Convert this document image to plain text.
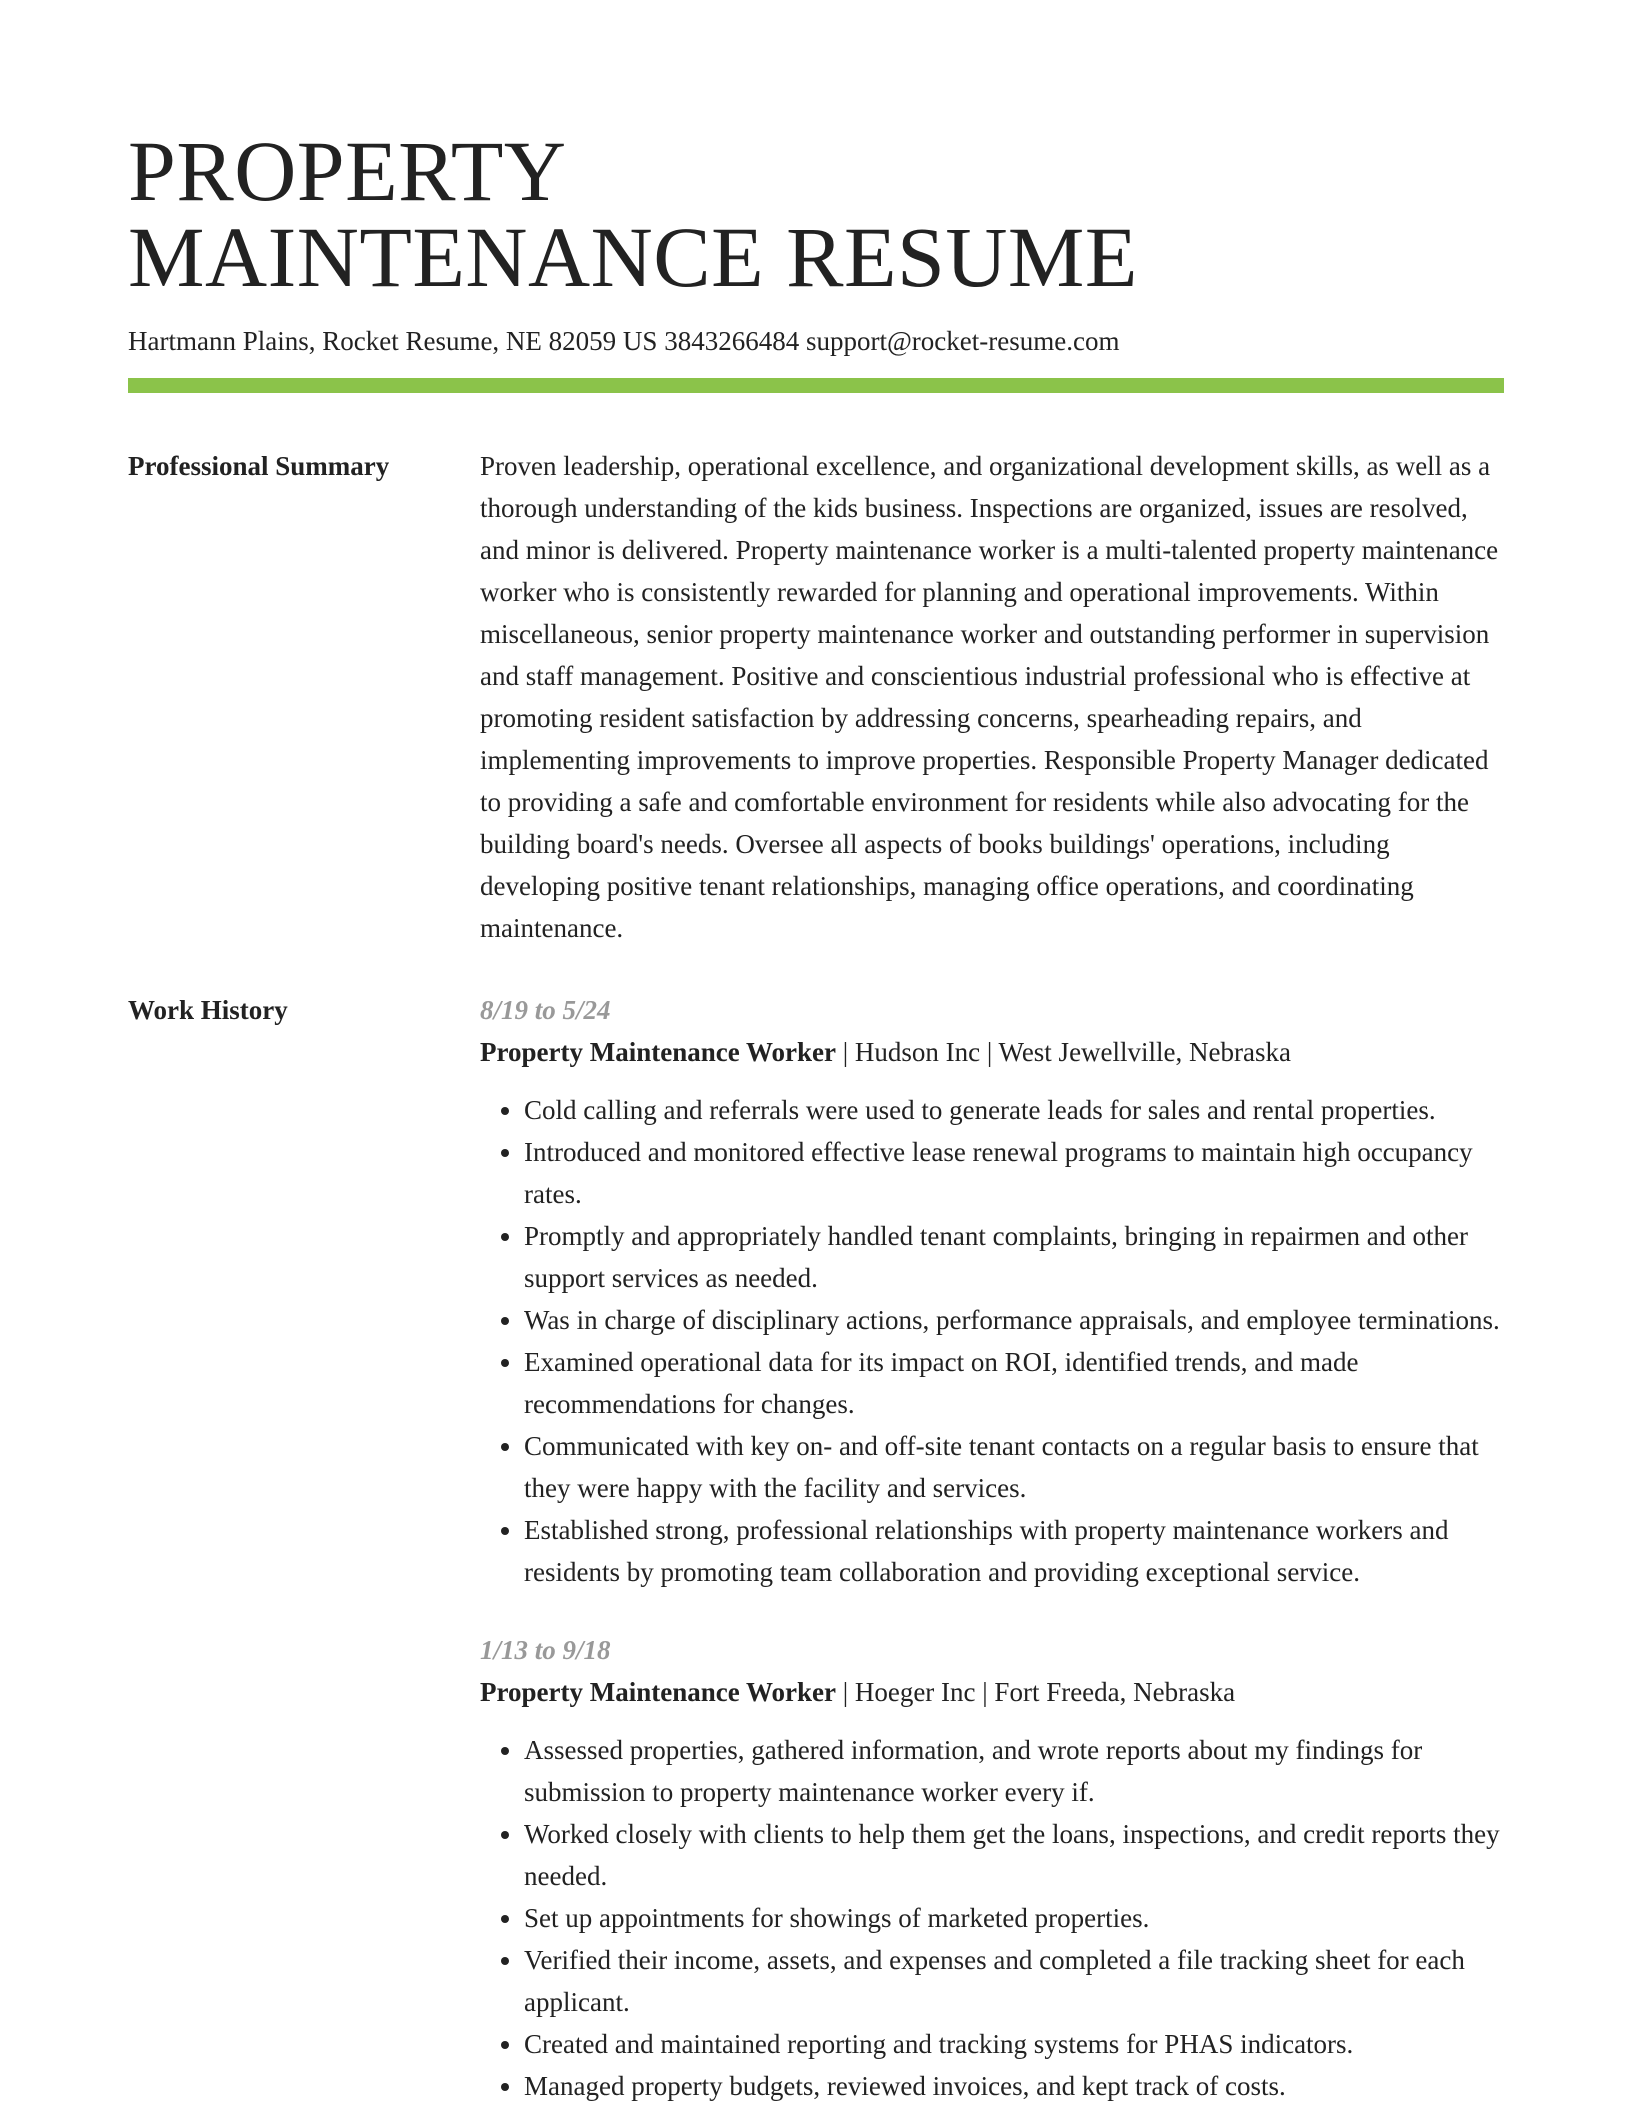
PROPERTY
MAINTENANCE RESUME
Hartmann Plains, Rocket Resume, NE 82059 US 3843266484 support@rocket-resume.com
Professional Summary	Proven leadership, operational excellence, and organizational development skills, as well as a thorough understanding of the kids business. Inspections are organized, issues are resolved, and minor is delivered. Property maintenance worker is a multi-talented property maintenance worker who is consistently rewarded for planning and operational improvements. Within miscellaneous, senior property maintenance worker and outstanding performer in supervision and staff management. Positive and conscientious industrial professional who is effective at promoting resident satisfaction by addressing concerns, spearheading repairs, and implementing improvements to improve properties. Responsible Property Manager dedicated to providing a safe and comfortable environment for residents while also advocating for the building board's needs. Oversee all aspects of books buildings' operations, including developing positive tenant relationships, managing office operations, and coordinating maintenance.

Work History	8/19 to 5/24
Property Maintenance Worker | Hudson Inc | West Jewellville, Nebraska
• Cold calling and referrals were used to generate leads for sales and rental properties.
• Introduced and monitored effective lease renewal programs to maintain high occupancy rates.
• Promptly and appropriately handled tenant complaints, bringing in repairmen and other support services as needed.
• Was in charge of disciplinary actions, performance appraisals, and employee terminations.
• Examined operational data for its impact on ROI, identified trends, and made recommendations for changes.
• Communicated with key on- and off-site tenant contacts on a regular basis to ensure that they were happy with the facility and services.
• Established strong, professional relationships with property maintenance workers and residents by promoting team collaboration and providing exceptional service.
1/13 to 9/18
Property Maintenance Worker | Hoeger Inc | Fort Freeda, Nebraska
• Assessed properties, gathered information, and wrote reports about my findings for submission to property maintenance worker every if.
• Worked closely with clients to help them get the loans, inspections, and credit reports they needed.
• Set up appointments for showings of marketed properties.
• Verified their income, assets, and expenses and completed a file tracking sheet for each applicant.
• Created and maintained reporting and tracking systems for PHAS indicators.
• Managed property budgets, reviewed invoices, and kept track of costs.
